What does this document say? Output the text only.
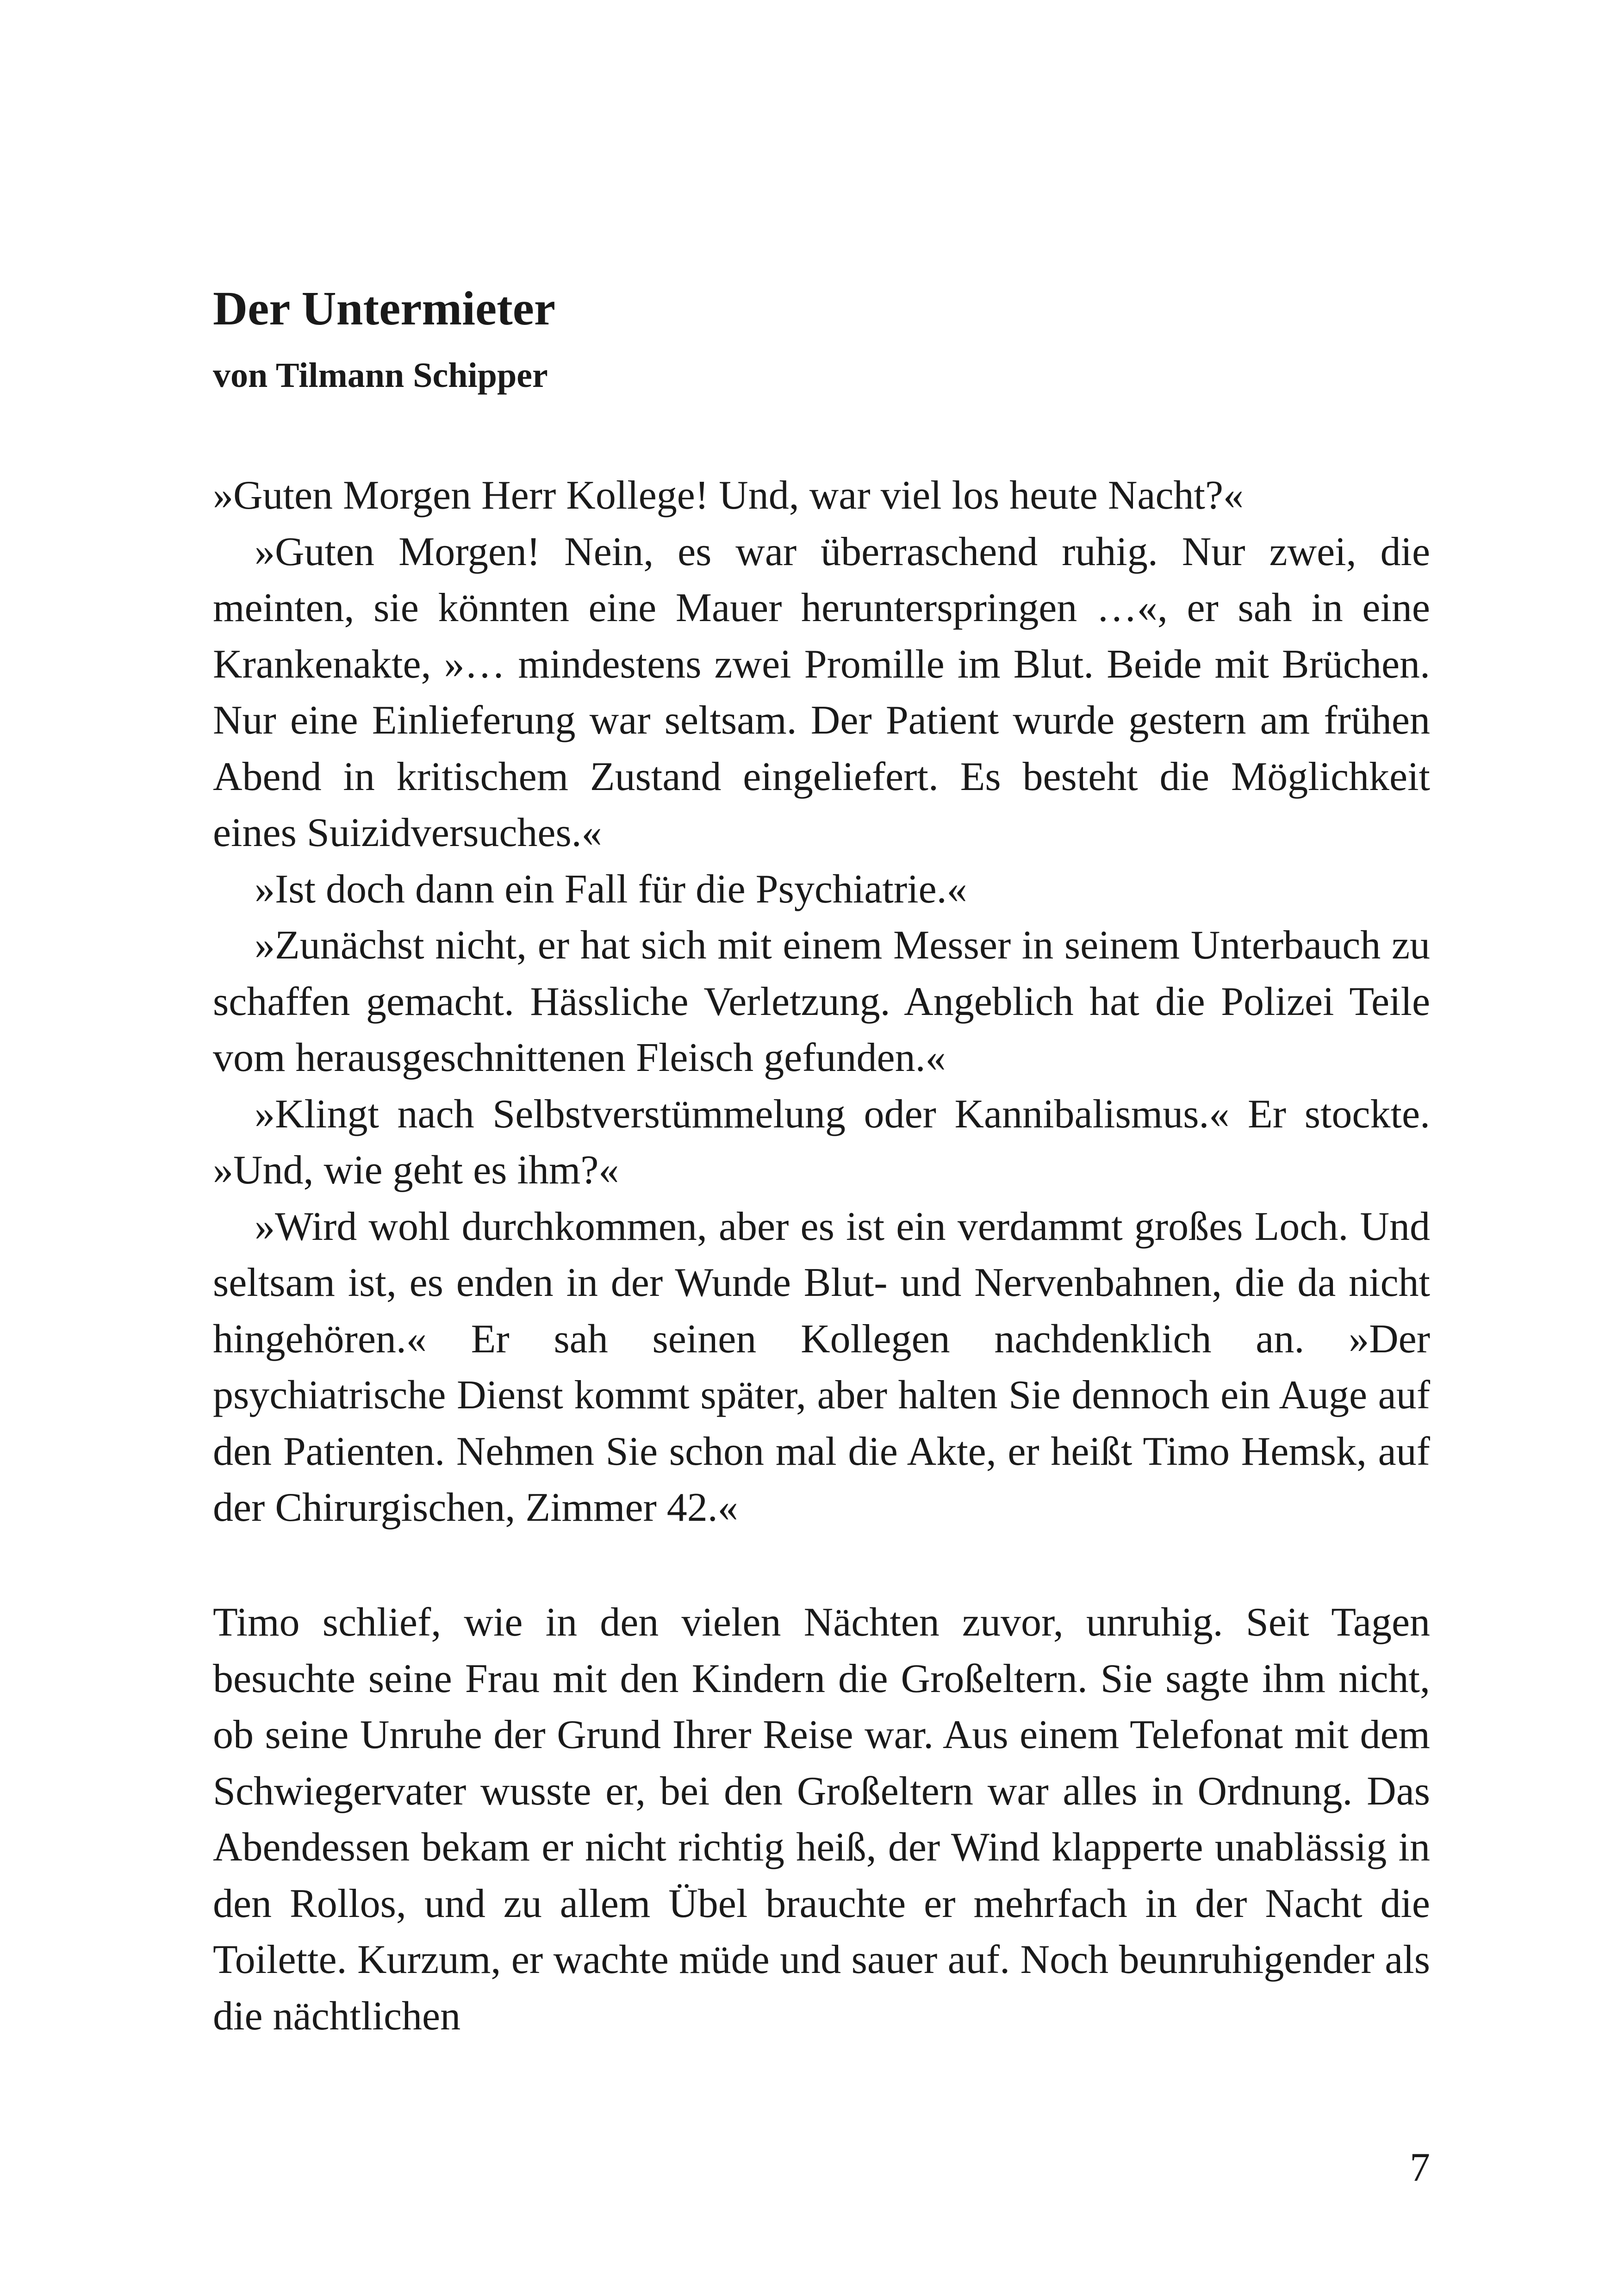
Der Untermieter
von Tilmann Schipper

»Guten Morgen Herr Kollege! Und, war viel los heute Nacht?«

»Guten Morgen! Nein, es war überraschend ruhig. Nur zwei, die meinten, sie könnten eine Mauer herunterspringen …«, er sah in eine Krankenakte, »… mindestens zwei Promille im Blut. Beide mit Brüchen. Nur eine Einlieferung war seltsam. Der Patient wurde gestern am frühen Abend in kritischem Zustand eingeliefert. Es besteht die Möglichkeit eines Suizidversuches.«

»Ist doch dann ein Fall für die Psychiatrie.«

»Zunächst nicht, er hat sich mit einem Messer in seinem Unterbauch zu schaffen gemacht. Hässliche Verletzung. Angeblich hat die Polizei Teile vom herausgeschnittenen Fleisch gefunden.«

»Klingt nach Selbstverstümmelung oder Kannibalismus.« Er stockte. »Und, wie geht es ihm?«

»Wird wohl durchkommen, aber es ist ein verdammt großes Loch. Und seltsam ist, es enden in der Wunde Blut- und Nervenbahnen, die da nicht hingehören.« Er sah seinen Kollegen nachdenklich an. »Der psychiatrische Dienst kommt später, aber halten Sie dennoch ein Auge auf den Patienten. Nehmen Sie schon mal die Akte, er heißt Timo Hemsk, auf der Chirurgischen, Zimmer 42.«

Timo schlief, wie in den vielen Nächten zuvor, unruhig. Seit Tagen besuchte seine Frau mit den Kindern die Großeltern. Sie sagte ihm nicht, ob seine Unruhe der Grund Ihrer Reise war. Aus einem Telefonat mit dem Schwiegervater wusste er, bei den Großeltern war alles in Ordnung. Das Abendessen bekam er nicht richtig heiß, der Wind klapperte unablässig in den Rollos, und zu allem Übel brauchte er mehrfach in der Nacht die Toilette. Kurzum, er wachte müde und sauer auf. Noch beunruhigender als die nächtlichen

7
